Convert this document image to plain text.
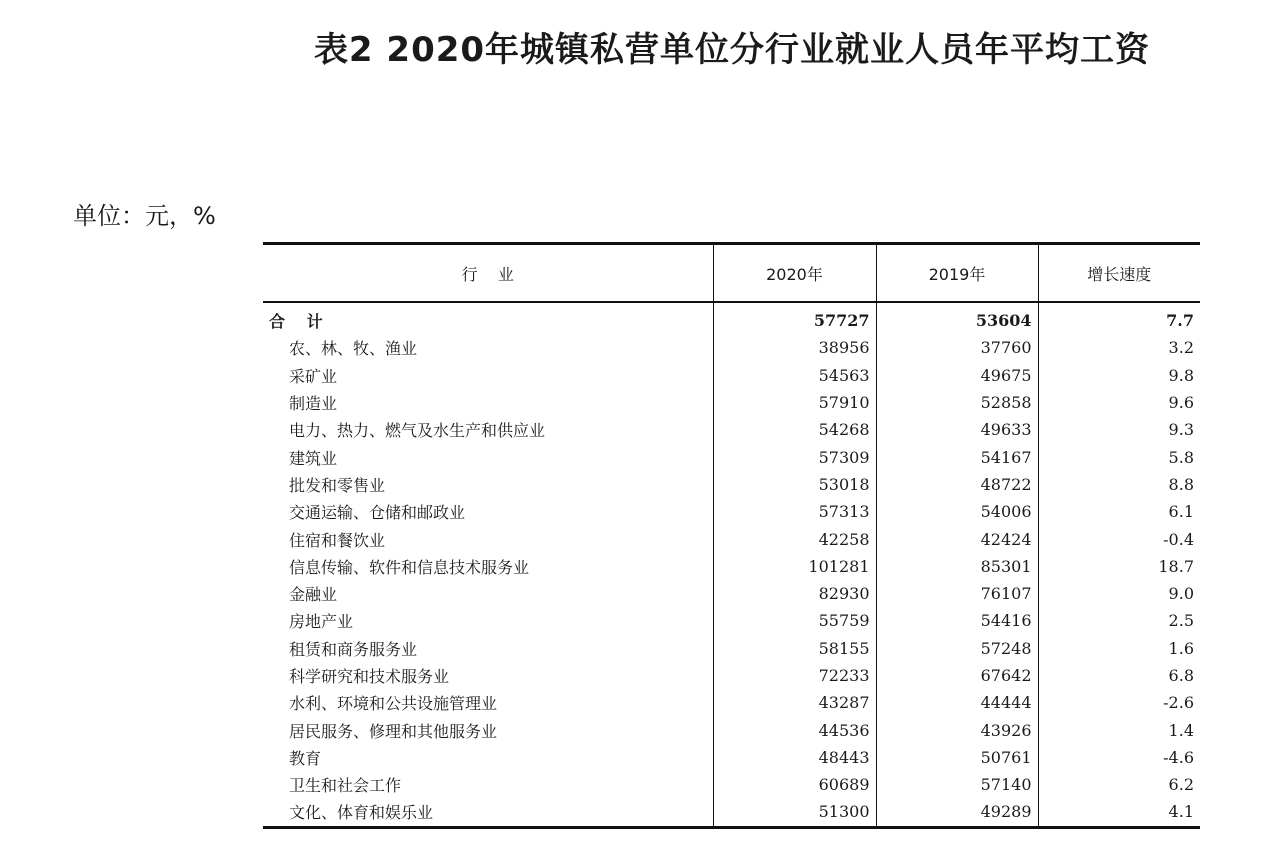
表2 2020年城镇私营单位分行业就业人员年平均工资
单位：元，%
行    业	2020年	2019年	增长速度
合 计	57727	53604	7.7
农、林、牧、渔业	38956	37760	3.2
采矿业	54563	49675	9.8
制造业	57910	52858	9.6
电力、热力、燃气及水生产和供应业	54268	49633	9.3
建筑业	57309	54167	5.8
批发和零售业	53018	48722	8.8
交通运输、仓储和邮政业	57313	54006	6.1
住宿和餐饮业	42258	42424	-0.4
信息传输、软件和信息技术服务业	101281	85301	18.7
金融业	82930	76107	9.0
房地产业	55759	54416	2.5
租赁和商务服务业	58155	57248	1.6
科学研究和技术服务业	72233	67642	6.8
水利、环境和公共设施管理业	43287	44444	-2.6
居民服务、修理和其他服务业	44536	43926	1.4
教育	48443	50761	-4.6
卫生和社会工作	60689	57140	6.2
文化、体育和娱乐业	51300	49289	4.1
